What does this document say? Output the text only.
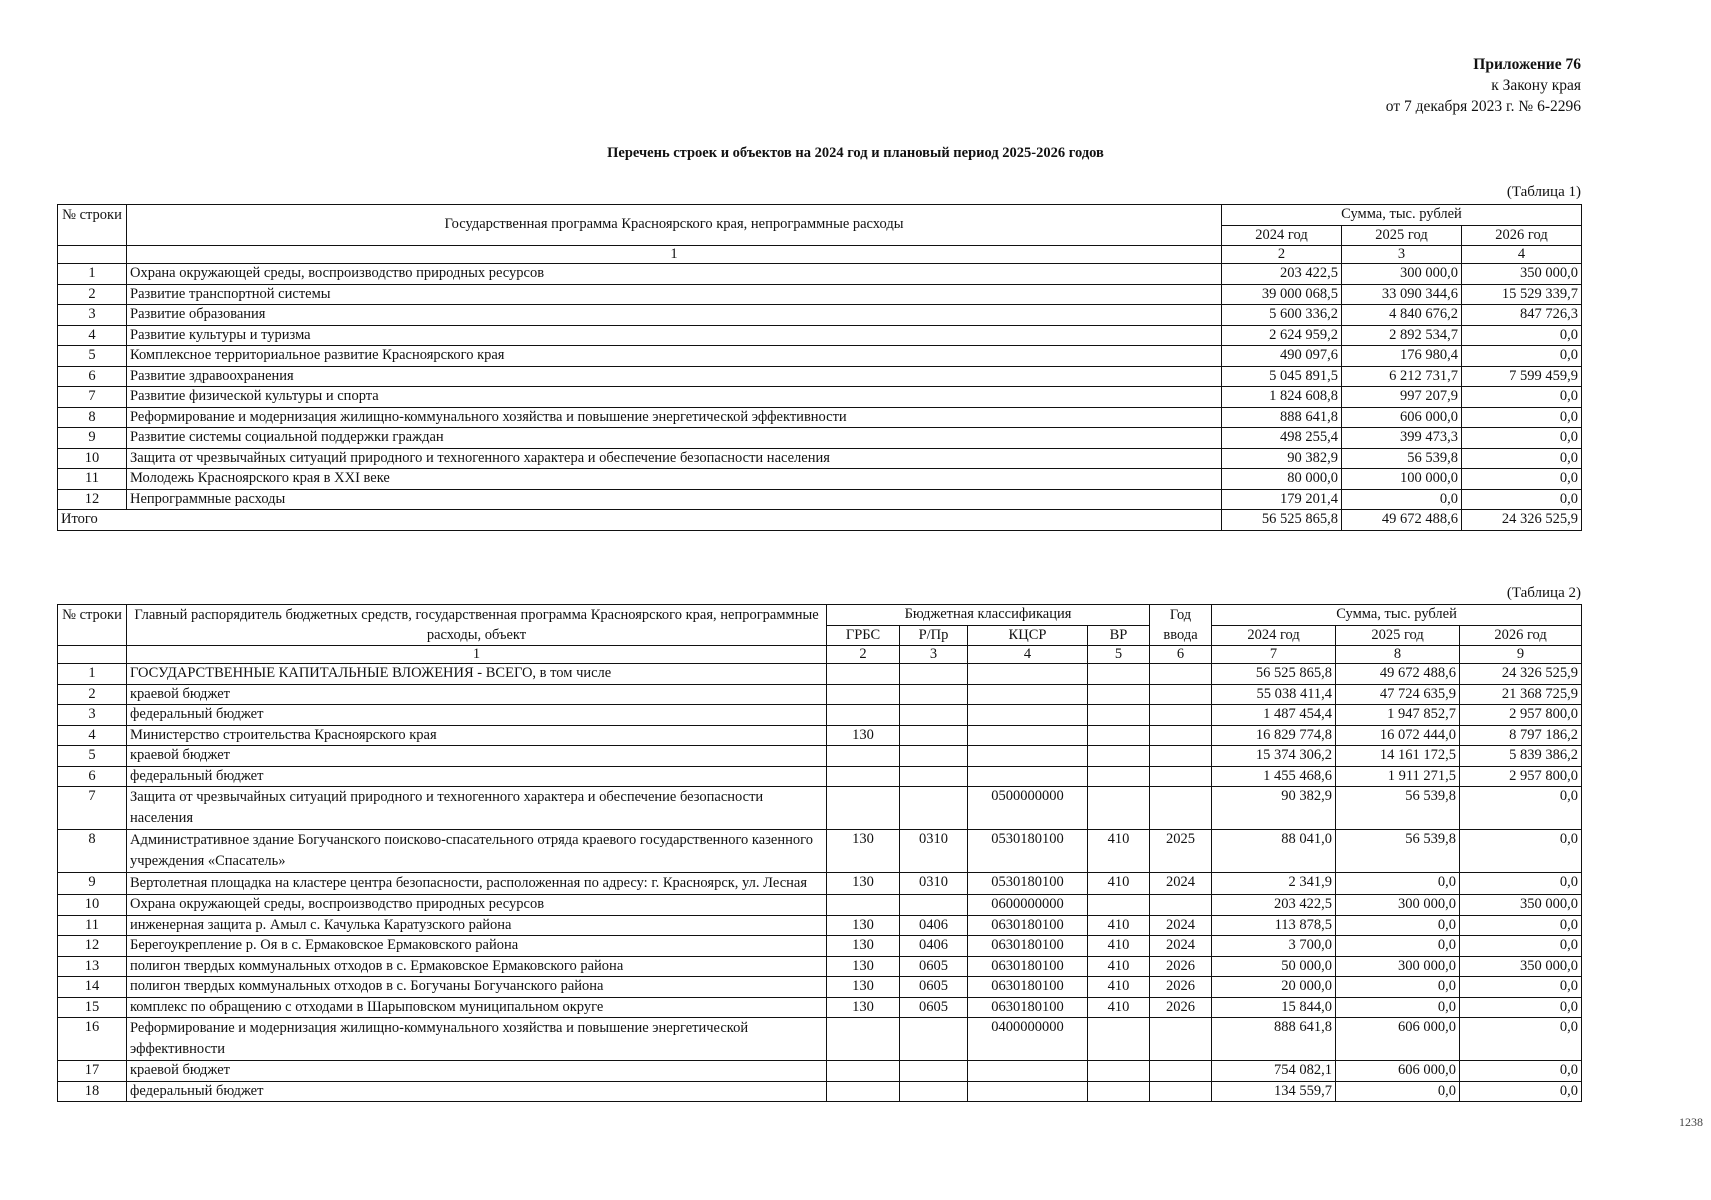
Приложение 76
к Закону края
от 7 декабря 2023 г. № 6-2296
Перечень строек и объектов на 2024 год и плановый период 2025-2026 годов
(Таблица 1)
№ строки	Государственная программа Красноярского края, непрограммные расходы	Сумма, тыс. рублей		
		2024 год	2025 год	2026 год
	1	2	3	4
1	Охрана окружающей среды, воспроизводство природных ресурсов	203 422,5	300 000,0	350 000,0
2	Развитие транспортной системы	39 000 068,5	33 090 344,6	15 529 339,7
3	Развитие образования	5 600 336,2	4 840 676,2	847 726,3
4	Развитие культуры и туризма	2 624 959,2	2 892 534,7	0,0
5	Комплексное территориальное развитие Красноярского края	490 097,6	176 980,4	0,0
6	Развитие здравоохранения	5 045 891,5	6 212 731,7	7 599 459,9
7	Развитие физической культуры и спорта	1 824 608,8	997 207,9	0,0
8	Реформирование и модернизация жилищно-коммунального хозяйства и повышение энергетической эффективности	888 641,8	606 000,0	0,0
9	Развитие системы социальной поддержки граждан	498 255,4	399 473,3	0,0
10	Защита от чрезвычайных ситуаций природного и техногенного характера и обеспечение безопасности населения	90 382,9	56 539,8	0,0
11	Молодежь Красноярского края в XXI веке	80 000,0	100 000,0	0,0
12	Непрограммные расходы	179 201,4	0,0	0,0
Итого		56 525 865,8	49 672 488,6	24 326 525,9
(Таблица 2)
№ строки	Главный распорядитель бюджетных средств, государственная программа Красноярского края, непрограммные расходы, объект	Бюджетная классификация				Год ввода	Сумма, тыс. рублей		
		ГРБС	Р/Пр	КЦСР	ВР		2024 год	2025 год	2026 год
	1	2	3	4	5	6	7	8	9
1	ГОСУДАРСТВЕННЫЕ КАПИТАЛЬНЫЕ ВЛОЖЕНИЯ - ВСЕГО, в том числе						56 525 865,8	49 672 488,6	24 326 525,9
2	краевой бюджет						55 038 411,4	47 724 635,9	21 368 725,9
3	федеральный бюджет						1 487 454,4	1 947 852,7	2 957 800,0
4	Министерство строительства Красноярского края	130					16 829 774,8	16 072 444,0	8 797 186,2
5	краевой бюджет						15 374 306,2	14 161 172,5	5 839 386,2
6	федеральный бюджет						1 455 468,6	1 911 271,5	2 957 800,0
7	Защита от чрезвычайных ситуаций природного и техногенного характера и обеспечение безопасности населения			0500000000			90 382,9	56 539,8	0,0
8	Административное здание Богучанского поисково-спасательного отряда краевого государственного казенного учреждения «Спасатель»	130	0310	0530180100	410	2025	88 041,0	56 539,8	0,0
9	Вертолетная площадка на кластере центра безопасности, расположенная по адресу: г. Красноярск, ул. Лесная	130	0310	0530180100	410	2024	2 341,9	0,0	0,0
10	Охрана окружающей среды, воспроизводство природных ресурсов			0600000000			203 422,5	300 000,0	350 000,0
11	инженерная защита р. Амыл с. Качулька Каратузского района	130	0406	0630180100	410	2024	113 878,5	0,0	0,0
12	Берегоукрепление р. Оя в с. Ермаковское Ермаковского района	130	0406	0630180100	410	2024	3 700,0	0,0	0,0
13	полигон твердых коммунальных отходов в с. Ермаковское Ермаковского района	130	0605	0630180100	410	2026	50 000,0	300 000,0	350 000,0
14	полигон твердых коммунальных отходов в с. Богучаны Богучанского района	130	0605	0630180100	410	2026	20 000,0	0,0	0,0
15	комплекс по обращению с отходами в Шарыповском муниципальном округе	130	0605	0630180100	410	2026	15 844,0	0,0	0,0
16	Реформирование и модернизация жилищно-коммунального хозяйства и повышение энергетической эффективности			0400000000			888 641,8	606 000,0	0,0
17	краевой бюджет						754 082,1	606 000,0	0,0
18	федеральный бюджет						134 559,7	0,0	0,0
1238
